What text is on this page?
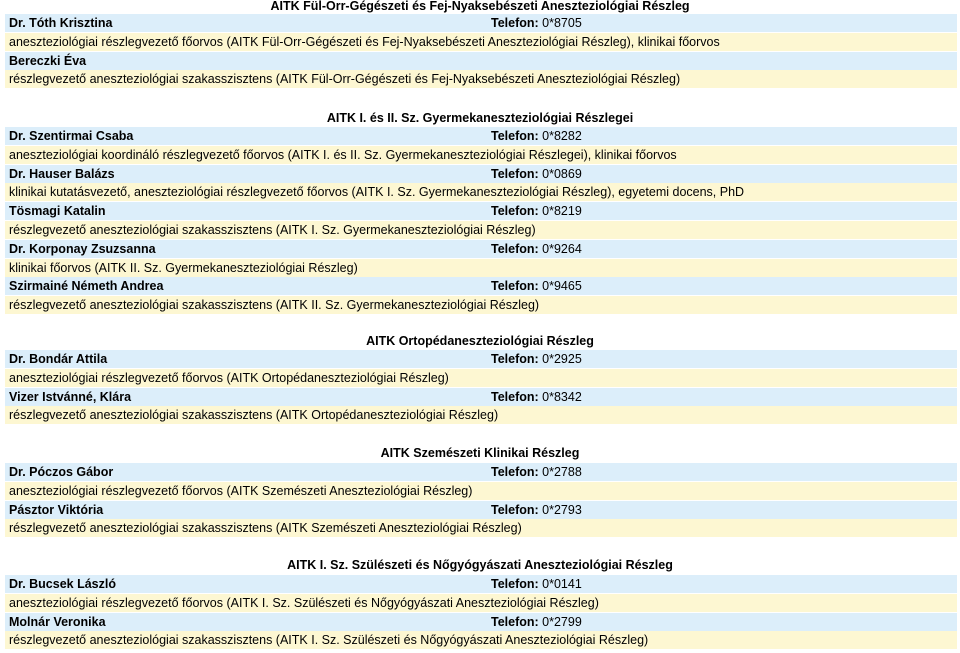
AITK Fül-Orr-Gégészeti és Fej-Nyaksebészeti Aneszteziológiai Részleg
Dr. Tóth Krisztina	Telefon: 0*8705
aneszteziológiai részlegvezető főorvos (AITK Fül-Orr-Gégészeti és Fej-Nyaksebészeti Aneszteziológiai Részleg), klinikai főorvos
Bereczki Éva
részlegvezető aneszteziológiai szakasszisztens (AITK Fül-Orr-Gégészeti és Fej-Nyaksebészeti Aneszteziológiai Részleg)
AITK I. és II. Sz. Gyermekaneszteziológiai Részlegei
Dr. Szentirmai Csaba	Telefon: 0*8282
aneszteziológiai koordináló részlegvezető főorvos (AITK I. és II. Sz. Gyermekaneszteziológiai Részlegei), klinikai főorvos
Dr. Hauser Balázs	Telefon: 0*0869
klinikai kutatásvezető, aneszteziológiai részlegvezető főorvos (AITK I. Sz. Gyermekaneszteziológiai Részleg), egyetemi docens, PhD
Tösmagi Katalin	Telefon: 0*8219
részlegvezető aneszteziológiai szakasszisztens (AITK I. Sz. Gyermekaneszteziológiai Részleg)
Dr. Korponay Zsuzsanna	Telefon: 0*9264
klinikai főorvos (AITK II. Sz. Gyermekaneszteziológiai Részleg)
Szirmainé Németh Andrea	Telefon: 0*9465
részlegvezető aneszteziológiai szakasszisztens (AITK II. Sz. Gyermekaneszteziológiai Részleg)
AITK Ortopédaneszteziológiai Részleg
Dr. Bondár Attila	Telefon: 0*2925
aneszteziológiai részlegvezető főorvos (AITK Ortopédaneszteziológiai Részleg)
Vizer Istvánné, Klára	Telefon: 0*8342
részlegvezető aneszteziológiai szakasszisztens (AITK Ortopédaneszteziológiai Részleg)
AITK Szemészeti Klinikai Részleg
Dr. Póczos Gábor	Telefon: 0*2788
aneszteziológiai részlegvezető főorvos (AITK Szemészeti Aneszteziológiai Részleg)
Pásztor Viktória	Telefon: 0*2793
részlegvezető aneszteziológiai szakasszisztens (AITK Szemészeti Aneszteziológiai Részleg)
AITK I. Sz. Szülészeti és Nőgyógyászati Aneszteziológiai Részleg
Dr. Bucsek László	Telefon: 0*0141
aneszteziológiai részlegvezető főorvos (AITK I. Sz. Szülészeti és Nőgyógyászati Aneszteziológiai Részleg)
Molnár Veronika	Telefon: 0*2799
részlegvezető aneszteziológiai szakasszisztens (AITK I. Sz. Szülészeti és Nőgyógyászati Aneszteziológiai Részleg)
